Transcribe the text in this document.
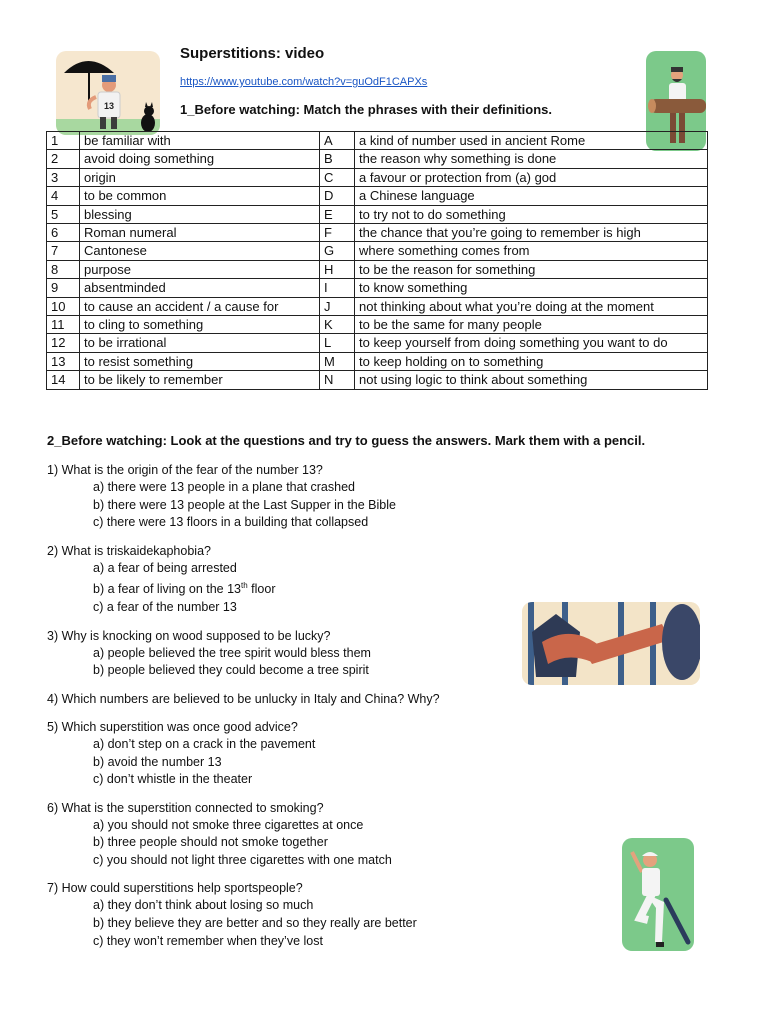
Superstitions: video
https://www.youtube.com/watch?v=guOdF1CAPXs
1_Before watching: Match the phrases with their definitions.
13
1	be familiar with	A	a kind of number used in ancient Rome
2	avoid doing something	B	the reason why something is done
3	origin	C	a favour or protection from (a) god
4	to be common	D	a Chinese language
5	blessing	E	to try not to do something
6	Roman numeral	F	the chance that you’re going to remember is high
7	Cantonese	G	where something comes from
8	purpose	H	to be the reason for something
9	absentminded	I	to know something
10	to cause an accident / a cause for	J	not thinking about what you’re doing at the moment
11	to cling to something	K	to be the same for many people
12	to be irrational	L	to keep yourself from doing something you want to do
13	to resist something	M	to keep holding on to something
14	to be likely to remember	N	not using logic to think about something
2_Before watching: Look at the questions and try to guess the answers. Mark them with a pencil.
1) What is the origin of the fear of the number 13?
a) there were 13 people in a plane that crashed
b) there were 13 people at the Last Supper in the Bible
c) there were 13 floors in a building that collapsed
2) What is triskaidekaphobia?
a) a fear of being arrested
b) a fear of living on the 13th floor
c) a fear of the number 13
3) Why is knocking on wood supposed to be lucky?
a) people believed the tree spirit would bless them
b) people believed they could become a tree spirit
4) Which numbers are believed to be unlucky in Italy and China? Why?
5) Which superstition was once good advice?
a) don’t step on a crack in the pavement
b) avoid the number 13
c) don’t whistle in the theater
6) What is the superstition connected to smoking?
a) you should not smoke three cigarettes at once
b) three people should not smoke together
c) you should not light three cigarettes with one match
7) How could superstitions help sportspeople?
a) they don’t think about losing so much
b) they believe they are better and so they really are better
c) they won’t remember when they’ve lost
